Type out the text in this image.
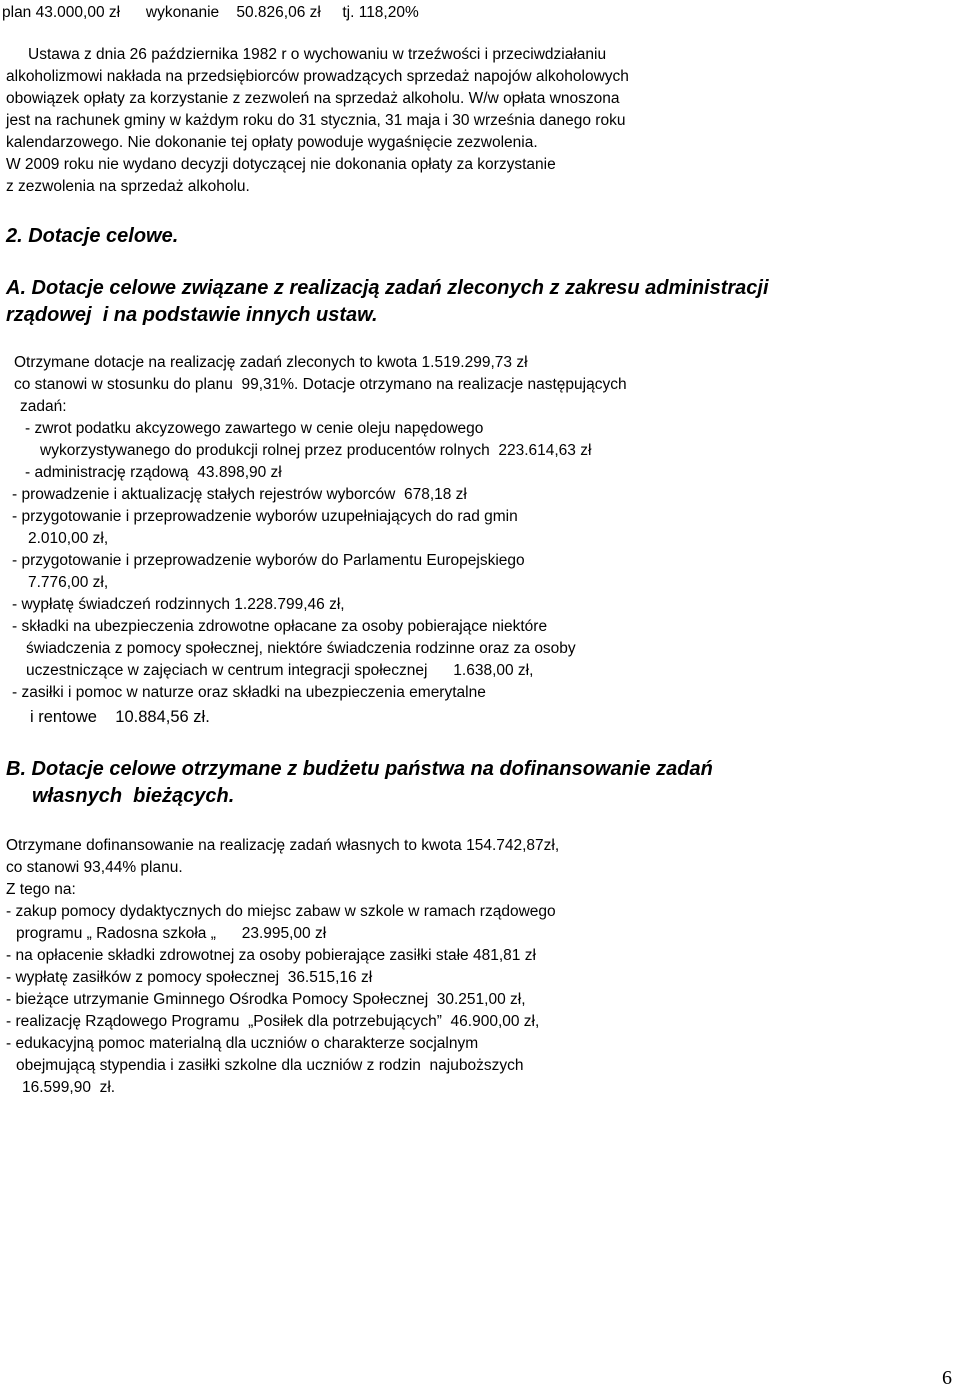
plan 43.000,00 zł      wykonanie    50.826,06 zł     tj. 118,20%
Ustawa z dnia 26 października 1982 r o wychowaniu w trzeźwości i przeciwdziałaniu
alkoholizmowi nakłada na przedsiębiorców prowadzących sprzedaż napojów alkoholowych
obowiązek opłaty za korzystanie z zezwoleń na sprzedaż alkoholu. W/w opłata wnoszona
jest na rachunek gminy w każdym roku do 31 stycznia, 31 maja i 30 września danego roku
kalendarzowego. Nie dokonanie tej opłaty powoduje wygaśnięcie zezwolenia.
W 2009 roku nie wydano decyzji dotyczącej nie dokonania opłaty za korzystanie
z zezwolenia na sprzedaż alkoholu.
2. Dotacje celowe.
A. Dotacje celowe związane z realizacją zadań zleconych z zakresu administracji
rządowej  i na podstawie innych ustaw.
Otrzymane dotacje na realizację zadań zleconych to kwota 1.519.299,73 zł
co stanowi w stosunku do planu  99,31%. Dotacje otrzymano na realizacje następujących
zadań:
- zwrot podatku akcyzowego zawartego w cenie oleju napędowego
wykorzystywanego do produkcji rolnej przez producentów rolnych  223.614,63 zł
- administrację rządową  43.898,90 zł
- prowadzenie i aktualizację stałych rejestrów wyborców  678,18 zł
- przygotowanie i przeprowadzenie wyborów uzupełniających do rad gmin
2.010,00 zł,
- przygotowanie i przeprowadzenie wyborów do Parlamentu Europejskiego
7.776,00 zł,
- wypłatę świadczeń rodzinnych 1.228.799,46 zł,
- składki na ubezpieczenia zdrowotne opłacane za osoby pobierające niektóre
świadczenia z pomocy społecznej, niektóre świadczenia rodzinne oraz za osoby
uczestniczące w zajęciach w centrum integracji społecznej      1.638,00 zł,
- zasiłki i pomoc w naturze oraz składki na ubezpieczenia emerytalne
i rentowe    10.884,56 zł.
B. Dotacje celowe otrzymane z budżetu państwa na dofinansowanie zadań
własnych  bieżących.
Otrzymane dofinansowanie na realizację zadań własnych to kwota 154.742,87zł,
co stanowi 93,44% planu.
Z tego na:
- zakup pomocy dydaktycznych do miejsc zabaw w szkole w ramach rządowego
programu „ Radosna szkoła „      23.995,00 zł
- na opłacenie składki zdrowotnej za osoby pobierające zasiłki stałe 481,81 zł
- wypłatę zasiłków z pomocy społecznej  36.515,16 zł
- bieżące utrzymanie Gminnego Ośrodka Pomocy Społecznej  30.251,00 zł,
- realizację Rządowego Programu  „Posiłek dla potrzebujących”  46.900,00 zł,
- edukacyjną pomoc materialną dla uczniów o charakterze socjalnym
obejmującą stypendia i zasiłki szkolne dla uczniów z rodzin  najuboższych
16.599,90  zł.
6
